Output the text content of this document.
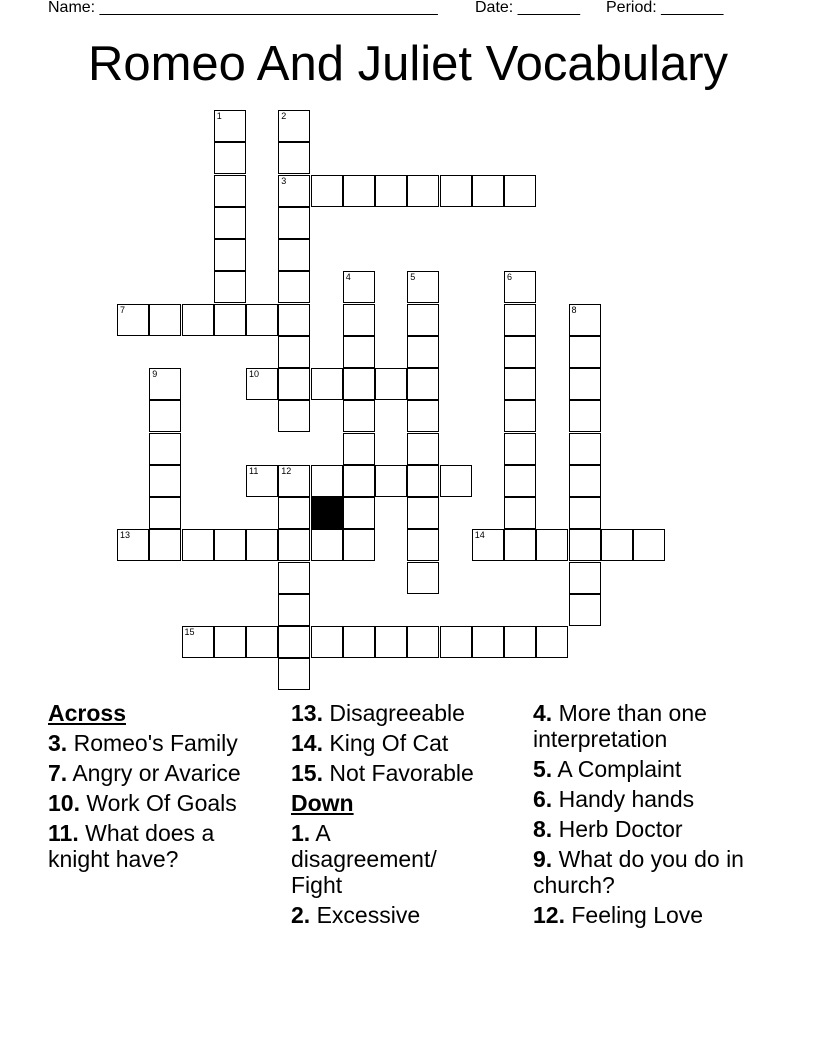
Name: ______________________________________ Date: _______ Period: _______
Romeo And Juliet Vocabulary
1	2
3
4	5	6
7	8
9	10
11	12
13	14
15
Across
3. Romeo's Family
7. Angry or Avarice
10. Work Of Goals
11. What does a knight have?
13. Disagreeable
14. King Of Cat
15. Not Favorable
Down
1. A disagreement/ Fight
2. Excessive
4. More than one interpretation
5. A Complaint
6. Handy hands
8. Herb Doctor
9. What do you do in church?
12. Feeling Love
